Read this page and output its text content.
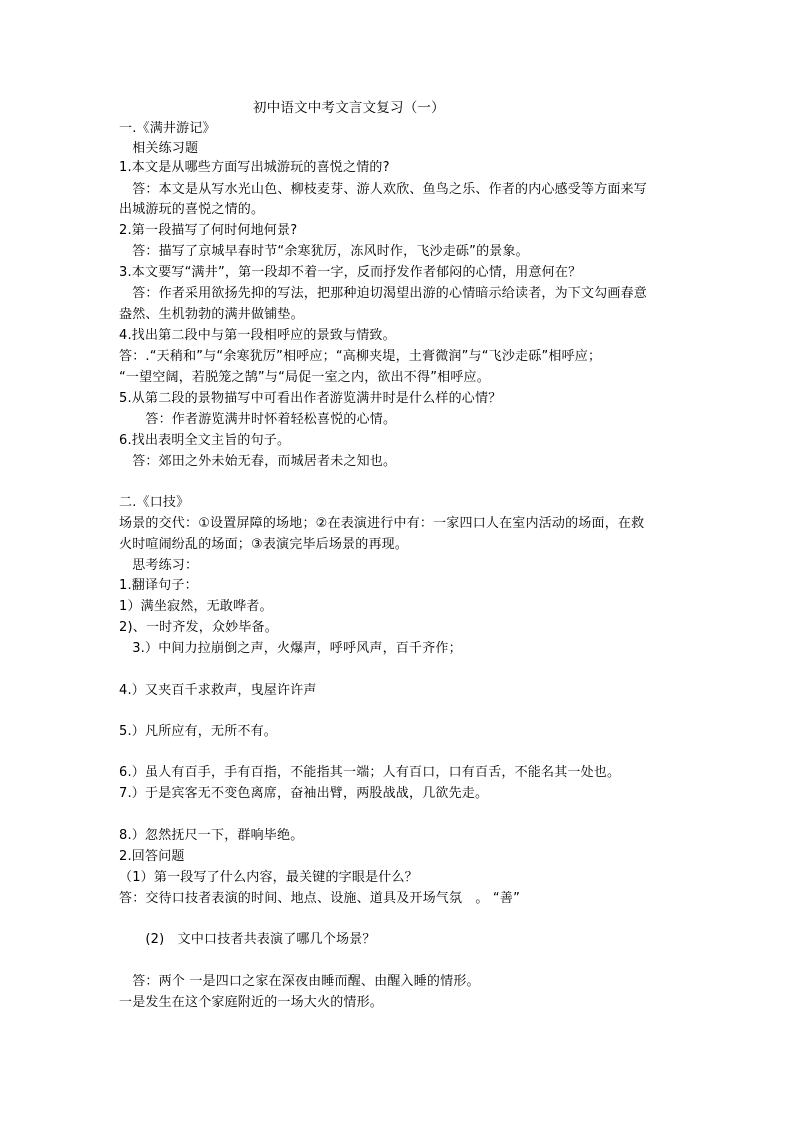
初中语文中考文言文复习（一）
一.《满井游记》
　相关练习题
1.本文是从哪些方面写出城游玩的喜悦之情的?
　答：本文是从写水光山色、柳枝麦芽、游人欢欣、鱼鸟之乐、作者的内心感受等方面来写
出城游玩的喜悦之情的。
2.第一段描写了何时何地何景?
　答：描写了京城早春时节“余寒犹厉，冻风时作，飞沙走砾”的景象。
3.本文要写“满井”，第一段却不着一字，反而抒发作者郁闷的心情，用意何在？
　答：作者采用欲扬先抑的写法，把那种迫切渴望出游的心情暗示给读者，为下文勾画春意
盎然、生机勃勃的满井做铺垫。
4.找出第二段中与第一段相呼应的景致与情致。
答：.“天稍和”与“余寒犹厉”相呼应；“高柳夹堤，土膏微润”与“飞沙走砾”相呼应；
“一望空阔，若脱笼之鹄”与“局促一室之内，欲出不得”相呼应。
5.从第二段的景物描写中可看出作者游览满井时是什么样的心情？
　　答：作者游览满井时怀着轻松喜悦的心情。
6.找出表明全文主旨的句子。
　答：郊田之外未始无春，而城居者未之知也。
二.《口技》
场景的交代：①设置屏障的场地；②在表演进行中有：一家四口人在室内活动的场面，在救
火时喧闹纷乱的场面；③表演完毕后场景的再现。
　思考练习：
1.翻译句子：
1）满坐寂然，无敢哗者。
2)、一时齐发，众妙毕备。
　3.）中间力拉崩倒之声，火爆声，呼呼风声，百千齐作；
4.）又夹百千求救声，曳屋许许声
5.）凡所应有，无所不有。
6.）虽人有百手，手有百指，不能指其一端；人有百口，口有百舌，不能名其一处也。
7.）于是宾客无不变色离席，奋袖出臂，两股战战，几欲先走。
8.）忽然抚尺一下，群响毕绝。
2.回答问题
（1）第一段写了什么内容，最关键的字眼是什么？
答：交待口技者表演的时间、地点、设施、道具及开场气氛　。 “善”
　　(2)　文中口技者共表演了哪几个场景？
　答：两个 一是四口之家在深夜由睡而醒、由醒入睡的情形。
一是发生在这个家庭附近的一场大火的情形。
